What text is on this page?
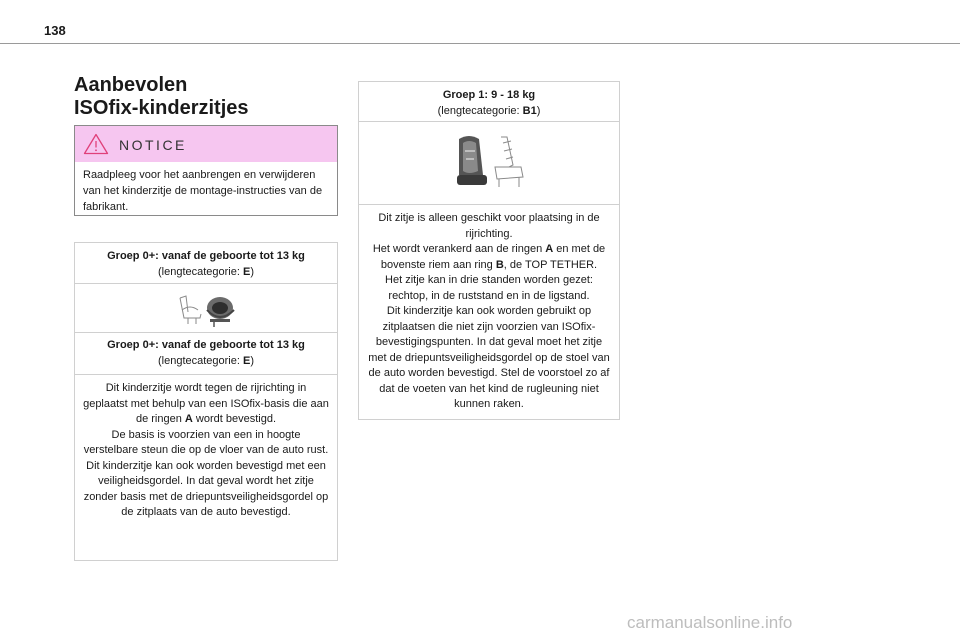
138
Aanbevolen
ISOfix-kinderzitjes
NOTICE
Raadpleeg voor het aanbrengen en verwijderen van het kinderzitje de montage-instructies van de fabrikant.
Groep 0+: vanaf de geboorte tot 13 kg
(lengtecategorie: E)
Groep 0+: vanaf de geboorte tot 13 kg
(lengtecategorie: E)
Dit kinderzitje wordt tegen de rijrichting in geplaatst met behulp van een ISOfix-basis die aan de ringen A wordt bevestigd.
De basis is voorzien van een in hoogte verstelbare steun die op de vloer van de auto rust.
Dit kinderzitje kan ook worden bevestigd met een veiligheidsgordel. In dat geval wordt het zitje zonder basis met de driepuntsveiligheidsgordel op de zitplaats van de auto bevestigd.
Groep 1: 9 - 18 kg
(lengtecategorie: B1)
Dit zitje is alleen geschikt voor plaatsing in de rijrichting.
Het wordt verankerd aan de ringen A en met de bovenste riem aan ring B, de TOP TETHER.
Het zitje kan in drie standen worden gezet: rechtop, in de ruststand en in de ligstand.
Dit kinderzitje kan ook worden gebruikt op zitplaatsen die niet zijn voorzien van ISOfix-bevestigingspunten. In dat geval moet het zitje met de driepuntsveiligheidsgordel op de stoel van de auto worden bevestigd. Stel de voorstoel zo af dat de voeten van het kind de rugleuning niet kunnen raken.
carmanualsonline.info
